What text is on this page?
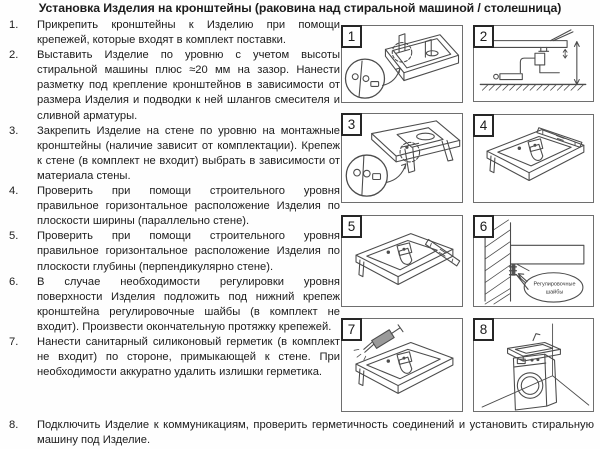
Установка Изделия на кронштейны (раковина над стиральной машиной / столешница)
1.	Прикрепить кронштейны к Изделию при помощи крепежей, которые входят в комплект поставки.
2.	Выставить Изделие по уровню с учетом высоты стиральной машины плюс ≈20 мм на зазор. Нанести разметку под крепление кронштейнов в зависимости от размера Изделия и подводки к ней шлангов смесителя и сливной арматуры.
3.	Закрепить Изделие на стене по уровню на монтажные кронштейны (наличие зависит от комплектации). Крепеж к стене (в комплект не входит) выбрать в зависимости от материала стены.
4.	Проверить при помощи строительного уровня правильное горизонтальное расположение Изделия по плоскости ширины (параллельно стене).
5.	Проверить при помощи строительного уровня правильное горизонтальное расположение Изделия по плоскости глубины (перпендикулярно стене).
6.	В случае необходимости регулировки уровня поверхности Изделия подложить под нижний крепеж кронштейна регулировочные шайбы (в комплект не входит). Произвести окончательную протяжку крепежей.
7.	Нанести санитарный силиконовый герметик (в комплект не входит) по стороне, примыкающей к стене. При необходимости аккуратно удалить излишки герметика.
8.	Подключить Изделие к коммуникациям, проверить герметичность соединений и установить стиральную машину под Изделие.
1	2
3	4
5	6
Регулировочные
шайбы
7	8
